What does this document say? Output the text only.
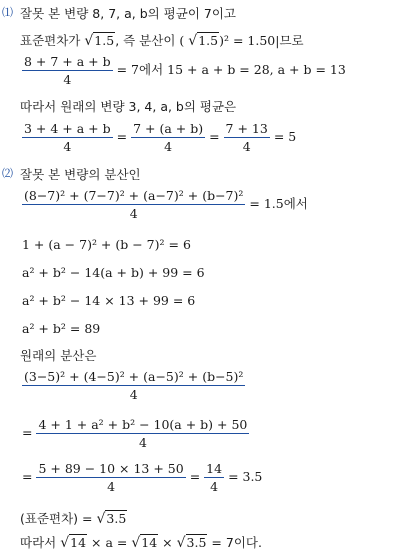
⑴ 잘못 본 변량 8, 7, a, b의 평균이 7이고
표준편차가 √1.5, 즉 분산이 ( √1.5)² = 1.50|므로
$\frac{8 + 7 + a + b}{4} = 7$에서 15 + a + b = 28, a + b = 13
따라서 원래의 변량 3, 4, a, b의 평균은
$\frac{3 + 4 + a + b}{4} = \frac{7 + (a + b)}{4} = \frac{7 + 13}{4} = 5$
⑵ 잘못 본 변량의 분산인
$\frac{\text{(8−7)² + (7−7)² + (a−7)² + (b−7)²}}{4} = 1.5$에서
1 + (a − 7)² + (b − 7)² = 6
a² + b² − 14(a + b) + 99 = 6
a² + b² − 14 × 13 + 99 = 6
a² + b² = 89
원래의 분산은
$\frac{\text{(3−5)² + (4−5)² + (a−5)² + (b−5)²}}{4}$
= $\frac{\text{4 + 1 + a² + b² − 10(a + b) + 50}}{4}$
= $\frac{5 + 89 - 10 \times 13 + 50}{4} = \frac{14}{4} = 3.5$
(표준편차) = √3.5
따라서 √14 × a = √14 × √3.5 = 7이다.
